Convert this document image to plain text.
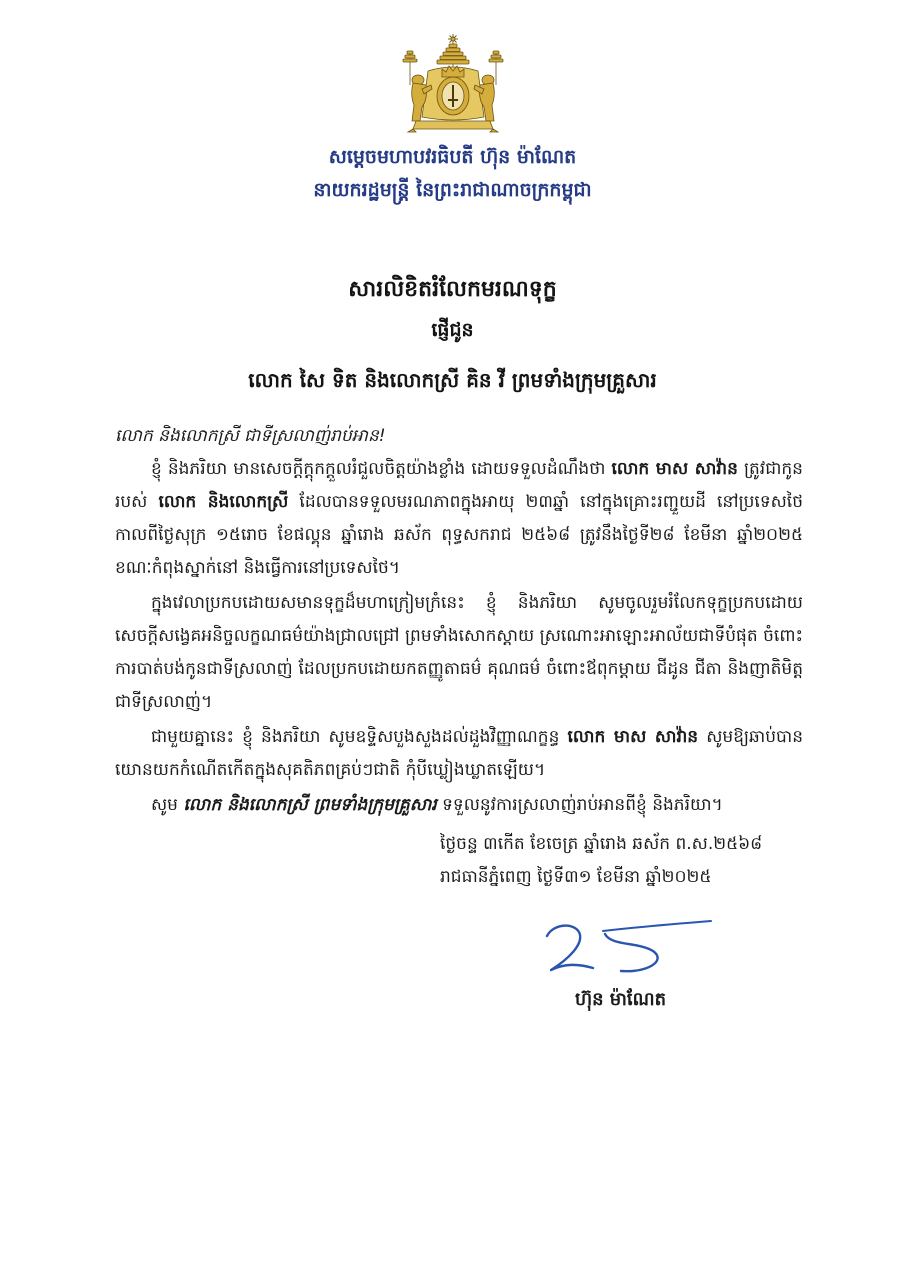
សម្តេចមហាបវរធិបតី ហ៊ុន ម៉ាណែត
នាយករដ្ឋមន្ត្រី នៃព្រះរាជាណាចក្រកម្ពុជា
សារលិខិតរំលែកមរណទុក្ខ
ផ្ញើជូន
លោក សៃ ទិត និងលោកស្រី គិន វី ព្រមទាំងក្រុមគ្រួសារ

លោក និងលោកស្រី ជាទីស្រលាញ់រាប់អាន!

ខ្ញុំ និងភរិយា មានសេចក្តីក្តុកក្តួលរំជួលចិត្តយ៉ាងខ្លាំង ដោយទទួលដំណឹងថា លោក មាស សាវ៉ាន ត្រូវជាកូនរបស់ លោក និងលោកស្រី ដែលបានទទួលមរណភាពក្នុងអាយុ ២៣ឆ្នាំ នៅក្នុងគ្រោះរញ្ជួយដី នៅប្រទេសថៃ កាលពីថ្ងៃសុក្រ ១៥រោច ខែផល្គុន ឆ្នាំរោង ឆស័ក ពុទ្ធសករាជ ២៥៦៨ ត្រូវនឹងថ្ងៃទី២៨ ខែមីនា ឆ្នាំ២០២៥ ខណៈកំពុងស្នាក់នៅ និងធ្វើការនៅប្រទេសថៃ។

ក្នុងវេលាប្រកបដោយសមានទុក្ខដ៏មហាក្រៀមក្រំនេះ ខ្ញុំ និងភរិយា សូមចូលរួមរំលែកទុក្ខប្រកបដោយសេចក្តីសង្វេគអនិច្ចលក្ខណធម៌យ៉ាងជ្រាលជ្រៅ ព្រមទាំងសោកស្តាយ ស្រណោះអាឡោះអាល័យជាទីបំផុត ចំពោះការបាត់បង់កូនជាទីស្រលាញ់ ដែលប្រកបដោយកតញ្ញូតាធម៌ គុណធម៌ ចំពោះឪពុកម្តាយ ជីដូន ជីតា និងញាតិមិត្តជាទីស្រលាញ់។

ជាមួយគ្នានេះ ខ្ញុំ និងភរិយា សូមឧទ្ទិសបួងសួងដល់ដួងវិញ្ញាណក្ខន្ធ លោក មាស សាវ៉ាន សូមឱ្យឆាប់បានយោនយកកំណើតកើតក្នុងសុគតិភពគ្រប់ៗជាតិ កុំបីឃ្លៀងឃ្លាតឡើយ។

សូម លោក និងលោកស្រី ព្រមទាំងក្រុមគ្រួសារ ទទួលនូវការស្រលាញ់រាប់អានពីខ្ញុំ និងភរិយា។

ថ្ងៃចន្ទ ៣កើត ខែចេត្រ ឆ្នាំរោង ឆស័ក ព.ស.២៥៦៨
រាជធានីភ្នំពេញ ថ្ងៃទី៣១ ខែមីនា ឆ្នាំ២០២៥
ហ៊ុន ម៉ាណែត
